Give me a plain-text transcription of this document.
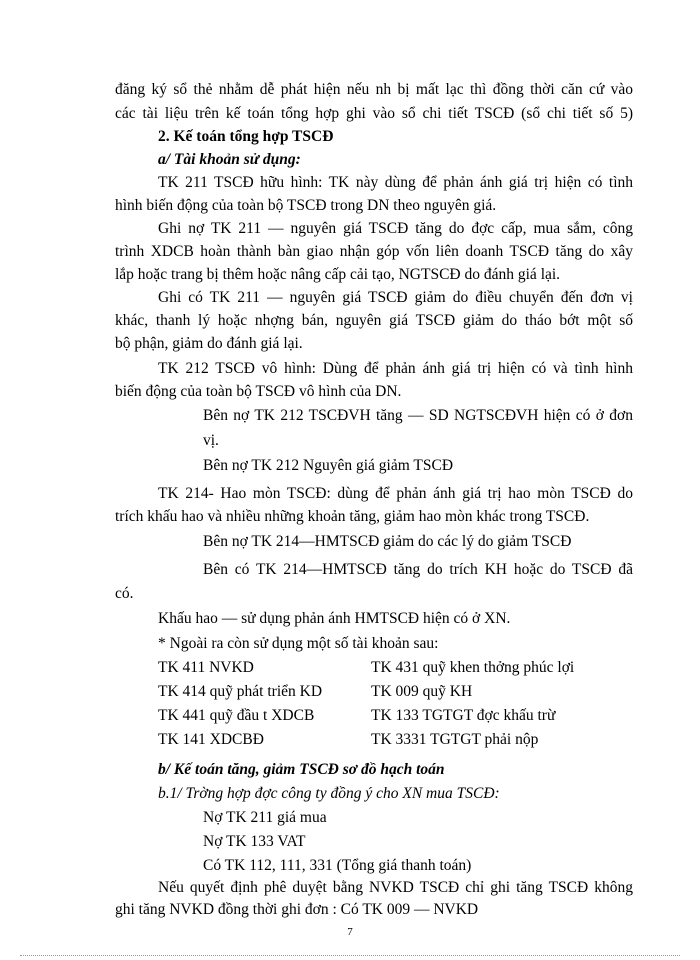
đăng ký sổ thẻ nhằm dễ phát hiện nếu nh bị mất lạc thì đồng thời căn cứ vào
các tài liệu trên kế toán tổng hợp ghi vào sổ chi tiết TSCĐ (sổ chi tiết số 5)
2. Kế toán tổng hợp TSCĐ
a/ Tài khoản sử dụng:
TK 211 TSCĐ hữu hình: TK này dùng để phản ánh giá trị hiện có tình
hình biến động của toàn bộ TSCĐ trong DN theo nguyên giá.
Ghi nợ TK 211 — nguyên giá TSCĐ tăng do đợc cấp, mua sắm, công
trình XDCB hoàn thành bàn giao nhận góp vốn liên doanh TSCĐ tăng do xây
lắp hoặc trang bị thêm hoặc nâng cấp cải tạo, NGTSCĐ do đánh giá lại.
Ghi có TK 211 — nguyên giá TSCĐ giảm do điều chuyển đến đơn vị
khác, thanh lý hoặc nhợng bán, nguyên giá TSCĐ giảm do tháo bớt một số
bộ phận, giảm do đánh giá lại.
TK 212 TSCĐ vô hình: Dùng để phản ánh giá trị hiện có và tình hình
biến động của toàn bộ TSCĐ vô hình của DN.
Bên nợ TK 212 TSCĐVH tăng — SD NGTSCĐVH hiện có ở đơn
vị.
Bên nợ TK 212 Nguyên giá giảm TSCĐ
TK 214- Hao mòn TSCĐ: dùng để phản ánh giá trị hao mòn TSCĐ do
trích khấu hao và nhiều những khoản tăng, giảm hao mòn khác trong TSCĐ.
Bên nợ TK 214—HMTSCĐ giảm do các lý do giảm TSCĐ
Bên có TK 214—HMTSCĐ tăng do trích KH hoặc do TSCĐ đã
có.
Khấu hao — sử dụng phản ánh HMTSCĐ hiện có ở XN.
* Ngoài ra còn sử dụng một số tài khoản sau:
TK 411 NVKD	TK 431 quỹ khen thởng phúc lợi
TK 414 quỹ phát triển KD	TK 009 quỹ KH
TK 441 quỹ đầu t XDCB	TK 133 TGTGT đợc khấu trừ
TK 141 XDCBĐ	TK 3331 TGTGT phải nộp
b/ Kế toán tăng, giảm TSCĐ sơ đồ hạch toán
b.1/ Trờng hợp đợc công ty đồng ý cho XN mua TSCĐ:
Nợ TK 211 giá mua
Nợ TK 133 VAT
Có TK 112, 111, 331 (Tổng giá thanh toán)
Nếu quyết định phê duyệt bằng NVKD TSCĐ chỉ ghi tăng TSCĐ không
ghi tăng NVKD đồng thời ghi đơn : Có TK 009 — NVKD
7
